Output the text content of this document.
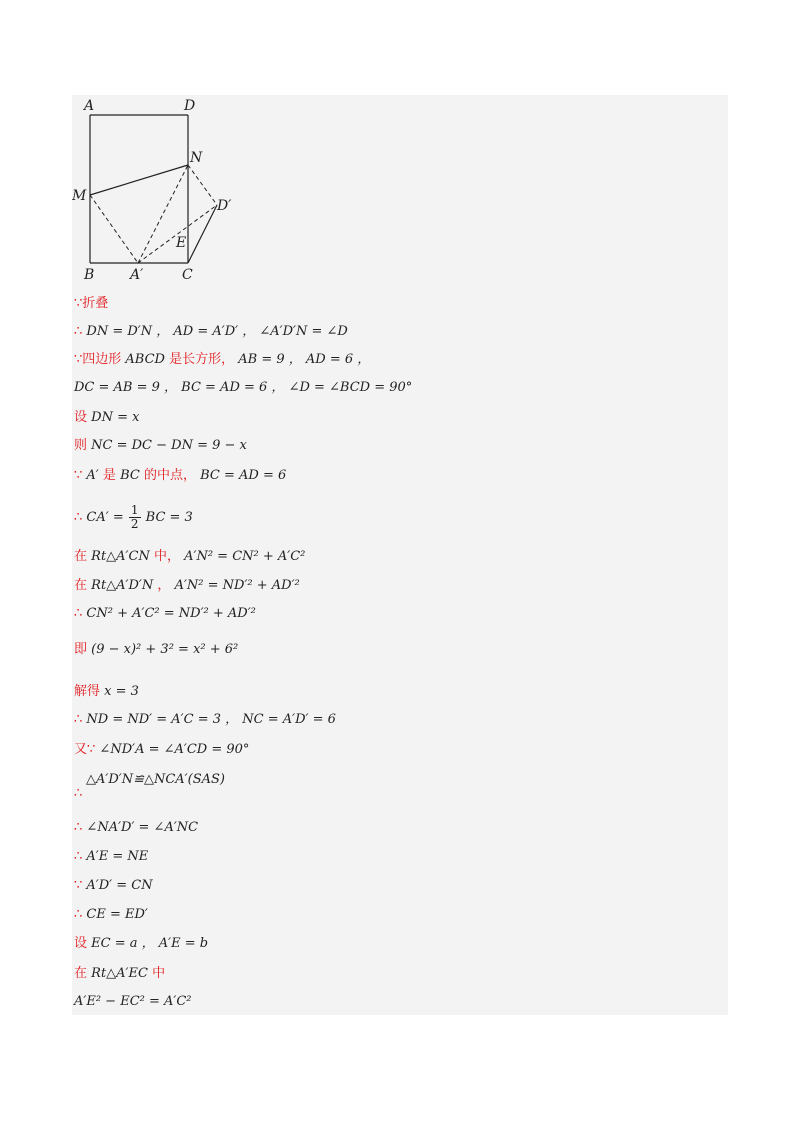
A	D
N
M
D′
E
B	A′	C
∵折叠
∴ DN = D′N ， AD = A′D′ ， ∠A′D′N = ∠D
∵四边形 ABCD 是长方形， AB = 9 ， AD = 6 ，
DC = AB = 9 ， BC = AD = 6 ， ∠D = ∠BCD = 90°
设 DN = x
则 NC = DC − DN = 9 − x
∵ A′ 是 BC 的中点， BC = AD = 6
∴ $CA' = \frac{1}{2}$ BC = 3
在 Rt△A′CN 中， A′N² = CN² + A′C²
在 Rt△A′D′N ， A′N² = ND′² + AD′²
∴ CN² + A′C² = ND′² + AD′²
即 (9 − x)² + 3² = x² + 6²
解得 x = 3
∴ ND = ND′ = A′C = 3 ， NC = A′D′ = 6
又∵ ∠ND′A = ∠A′CD = 90°
△A′D′N≌△NCA′(SAS)
∴
∴ ∠NA′D′ = ∠A′NC
∴ A′E = NE
∵ A′D′ = CN
∴ CE = ED′
设 EC = a ， A′E = b
在 Rt△A′EC 中
A′E² − EC² = A′C²
